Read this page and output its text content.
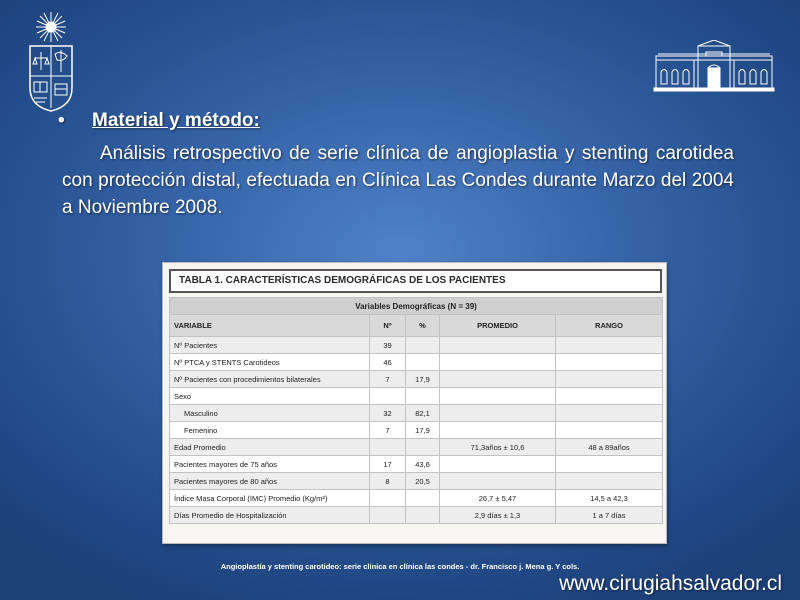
• Material y método:

Análisis retrospectivo de serie clínica de angioplastia y stenting carotidea con protección distal, efectuada en Clínica Las Condes durante Marzo del 2004 a Noviembre 2008.

TABLA 1. CARACTERÍSTICAS DEMOGRÁFICAS DE LOS PACIENTES
Variables Demográficas (N = 39)				
VARIABLE	Nº	%	PROMEDIO	RANGO
Nº Pacientes	39			
Nº PTCA y STENTS Carotideos	46			
Nº Pacientes con procedimientos bilaterales	7	17,9		
Sexo				
Masculino	32	82,1		
Femenino	7	17,9		
Edad Promedio			71,3años ± 10,6	48 a 89años
Pacientes mayores de 75 años	17	43,6		
Pacientes mayores de 80 años	8	20,5		
Índice Masa Corporal (IMC) Promedio (Kg/m²)			26,7 ± 5,47	14,5 a 42,3
Días Promedio de Hospitalización			2,9 días ± 1,3	1 a 7 días
Angioplastía y stenting carotideo: serie clínica en clínica las condes - dr. Francisco j. Mena g. Y cols.
www.cirugiahsalvador.cl
